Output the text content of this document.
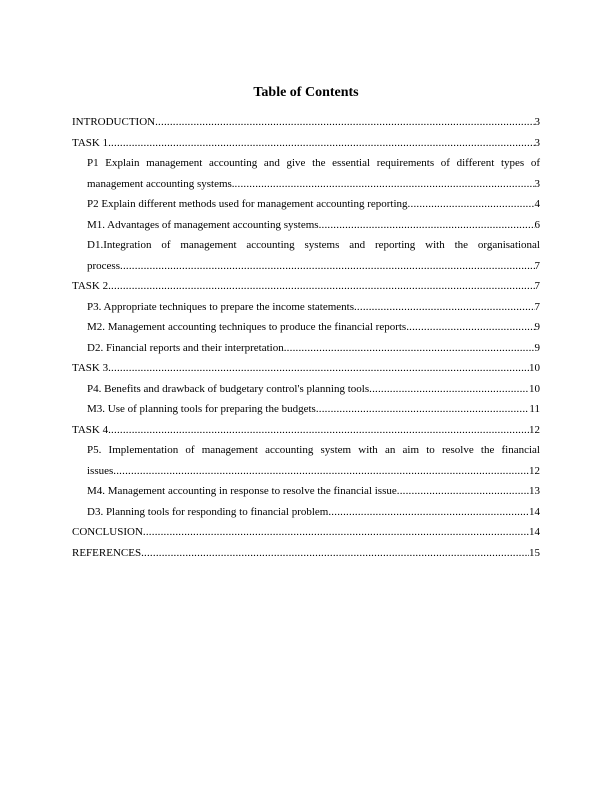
Table of Contents
INTRODUCTION .....	3
TASK 1 .....	3
P1 Explain management accounting and give the essential requirements of different types of
management accounting systems. .....	3
P2 Explain different methods used for management accounting reporting .....	4
M1. Advantages of management accounting systems .....	6
D1.Integration of management accounting systems and reporting with the organisational
process .....	7
TASK 2 .....	7
P3. Appropriate techniques to prepare the income statements .....	7
M2. Management accounting techniques to produce the financial reports .....	9
D2. Financial reports and their interpretation .....	9
TASK 3 .....	10
P4. Benefits and drawback of budgetary control's planning tools .....	10
M3. Use of planning tools for preparing the budgets .....	11
TASK 4 .....	12
P5. Implementation of management accounting system with an aim to resolve the financial
issues .....	12
M4. Management accounting in response to resolve the financial issue .....	13
D3. Planning tools for responding to financial problem .....	14
CONCLUSION .....	14
REFERENCES .....	15
